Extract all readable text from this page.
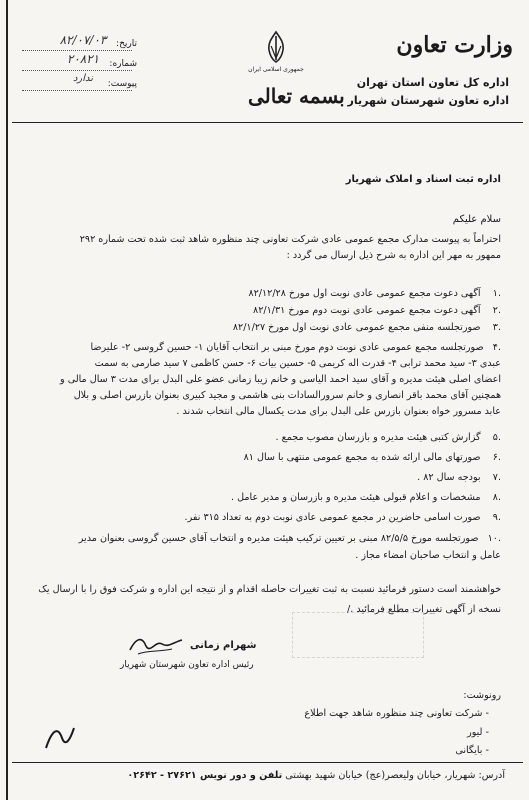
وزارت تعاون
اداره کل تعاون استان تهران
اداره تعاون شهرستان شهریار
جمهوری اسلامی ایران
بسمه تعالی
تاریخ:
۸۲/۰۷/۰۳
شماره:
۲۰۸۲۱
پیوست:
ندارد
اداره ثبت اسناد و املاک شهریار
سلام علیکم
احتراماً به پیوست مدارک مجمع عمومی عادی شرکت تعاونی چند منظوره شاهد ثبت شده تحت شماره ۲۹۲
ممهور به مهر این اداره به شرح ذیل ارسال می گردد :
.۱    آگهی دعوت مجمع عمومی عادی نوبت اول مورخ ۸۲/۱۲/۲۸
.۲    آگهی دعوت مجمع عمومی عادی نوبت دوم مورخ ۸۲/۱/۳۱
.۳    صورتجلسه منفی مجمع عمومی عادی نوبت اول مورخ ۸۲/۱/۲۷
.۴   صورتجلسه مجمع عمومی عادی نوبت دوم مورخ مبنی بر انتخاب آقایان ۱- حسین گروسی ۲- علیرضا
عبدی ۳- سید محمد ترابی ۴- قدرت اله کریمی ۵- حسین بیات ۶- حسن کاظمی ۷ سید صارمی به سمت
اعضای اصلی هیئت مدیره و آقای سید احمد الیاسی و خانم زیبا زمانی عضو علی البدل برای مدت ۳ سال مالی و
همچنین آقای محمد باقر انصاری و خانم سرورالسادات بنی هاشمی و مجید کبیری بعنوان بازرس اصلی و بلال
عابد مسرور خواه بعنوان بازرس علی البدل برای مدت یکسال مالی انتخاب شدند .
.۵    گزارش کتبی هیئت مدیره و بازرسان مصوب مجمع .
.۶    صورتهای مالی ارائه شده به مجمع عمومی منتهی با سال ۸۱
.۷    بودجه سال ۸۲ .
.۸    مشخصات و اعلام قبولی هیئت مدیره و بازرسان و مدیر عامل .
.۹    صورت اسامی حاضرین در مجمع عمومی عادی نوبت دوم به تعداد ۳۱۵ نفر.
.۱۰   صورتجلسه مورخ ۸۲/۵/۵ مبنی بر تعیین ترکیب هیئت مدیره و انتخاب آقای حسین گروسی بعنوان مدیر
عامل و انتخاب صاحبان امضاء مجاز .
خواهشمند است دستور فرمائید نسبت به ثبت تغییرات حاصله اقدام و از نتیجه این اداره و شرکت فوق را با ارسال یک
نسخه از آگهی تغییرات مطلع فرمائید ./
شهرام زمانی
رئیس اداره تعاون شهرستان شهریار
رونوشت:
- شرکت تعاونی چند منظوره شاهد جهت اطلاع
- لیور
- بایگانی
آدرس: شهریار، خیابان ولیعصر(عج) خیابان شهید بهشتی تلفن و دور نویس ۲۷۶۲۱ - ۰۲۶۴۲
